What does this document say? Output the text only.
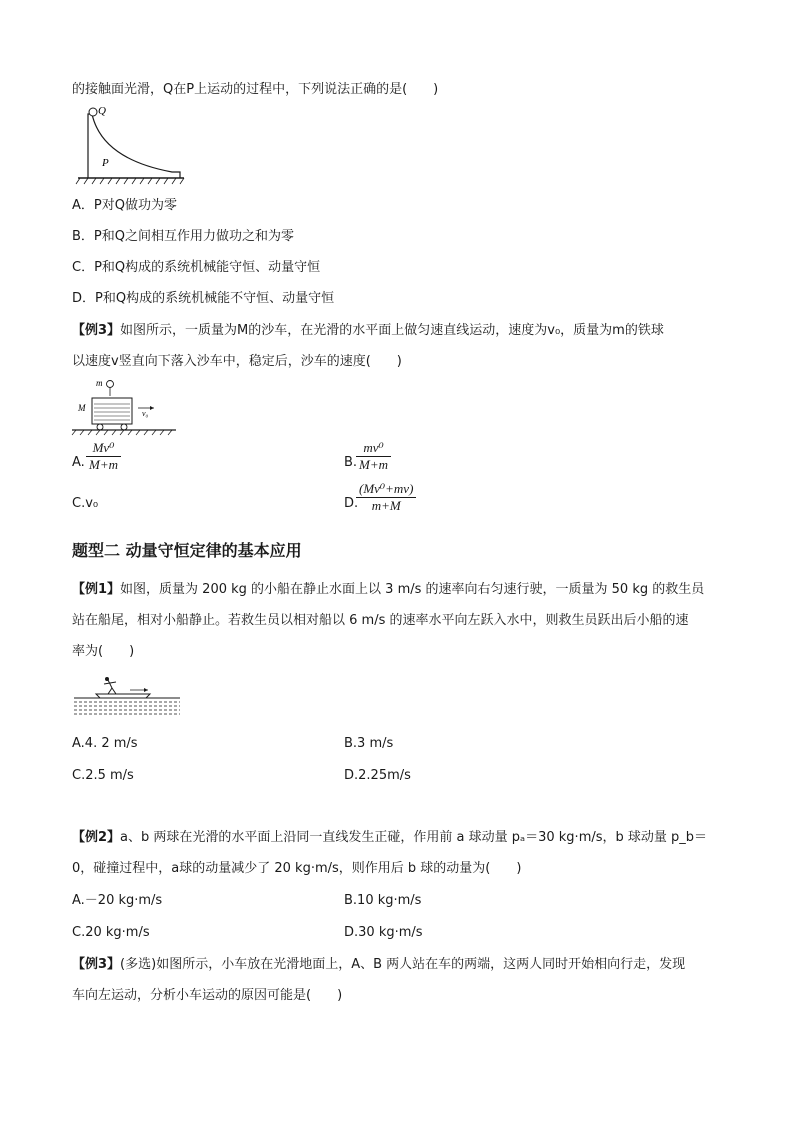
的接触面光滑，Q在P上运动的过程中，下列说法正确的是(　　)
Q
P
A．P对Q做功为零
B．P和Q之间相互作用力做功之和为零
C．P和Q构成的系统机械能守恒、动量守恒
D．P和Q构成的系统机械能不守恒、动量守恒
【例3】如图所示，一质量为M的沙车，在光滑的水平面上做匀速直线运动，速度为v₀，质量为m的铁球
以速度v竖直向下落入沙车中，稳定后，沙车的速度(　　)
m
M
v₀
A.
Mv⁰
M+m	B.
mv⁰
M+m
C.v₀	D.
(Mv⁰+mv)
m+M
题型二 动量守恒定律的基本应用
【例1】如图，质量为 200 kg 的小船在静止水面上以 3 m/s 的速率向右匀速行驶，一质量为 50 kg 的救生员
站在船尾，相对小船静止。若救生员以相对船以 6 m/s 的速率水平向左跃入水中，则救生员跃出后小船的速
率为(　　)
A.4. 2 m/s	B.3 m/s
C.2.5 m/s	D.2.25m/s
【例2】a、b 两球在光滑的水平面上沿同一直线发生正碰，作用前 a 球动量 pₐ＝30 kg·m/s，b 球动量 p_b＝
0，碰撞过程中，a球的动量减少了 20 kg·m/s，则作用后 b 球的动量为(　　)
A.－20 kg·m/s	B.10 kg·m/s
C.20 kg·m/s	D.30 kg·m/s
【例3】(多选)如图所示，小车放在光滑地面上，A、B 两人站在车的两端，这两人同时开始相向行走，发现
车向左运动，分析小车运动的原因可能是(　　)
